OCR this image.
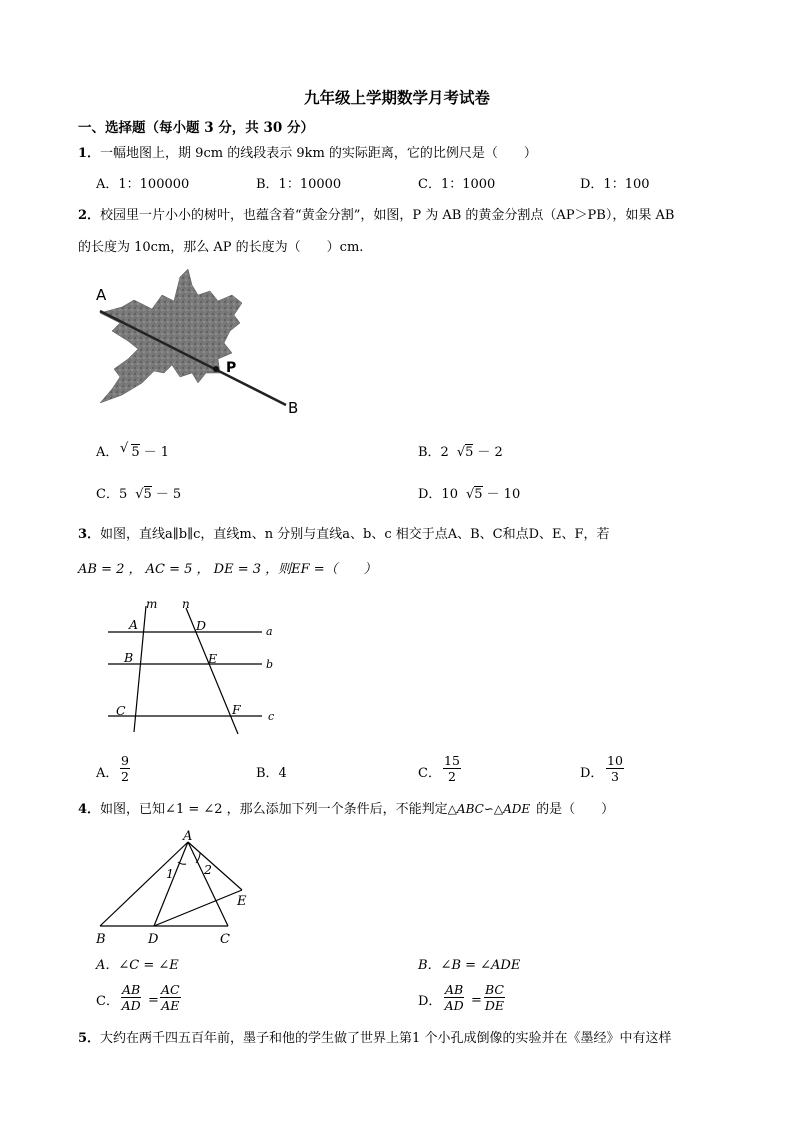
九年级上学期数学月考试卷
一、选择题（每小题 3 分，共 30 分）
1．一幅地图上，期 9cm 的线段表示 9km 的实际距离，它的比例尺是（　　）
A．1：100000	B．1：10000	C．1：1000	D．1：100
2．校园里一片小小的树叶，也蕴含着“黄金分割”，如图，P 为 AB 的黄金分割点（AP＞PB），如果 AB
的长度为 10cm，那么 AP 的长度为（　　）cm.
A
P
B
A． √ 5 － 1	B．2 √5 － 2
C．5 √5 － 5	D．10 √5 － 10
3．如图，直线a∥b∥c，直线m、n 分别与直线a、b、c 相交于点A、B、C和点D、E、F，若
AB = 2 ， AC = 5 ， DE = 3 ，则EF =（　　）
m n
A	D
B	E
C	F
a
b
c
A． $\frac{9}{2}$	B．4	C． $\frac{15}{2}$	D． $\frac{10}{3}$
4．如图，已知∠1 = ∠2 ，那么添加下列一个条件后，不能判定△ABC∽△ADE 的是（　　）
A
1 2
E
B	D	C
A．∠C = ∠E	B．∠B = ∠ADE
C． $\frac{AB}{AD} = \frac{AC}{AE}$	D． $\frac{AB}{AD} = \frac{BC}{DE}$
5．大约在两千四五百年前，墨子和他的学生做了世界上第1 个小孔成倒像的实验并在《墨经》中有这样
